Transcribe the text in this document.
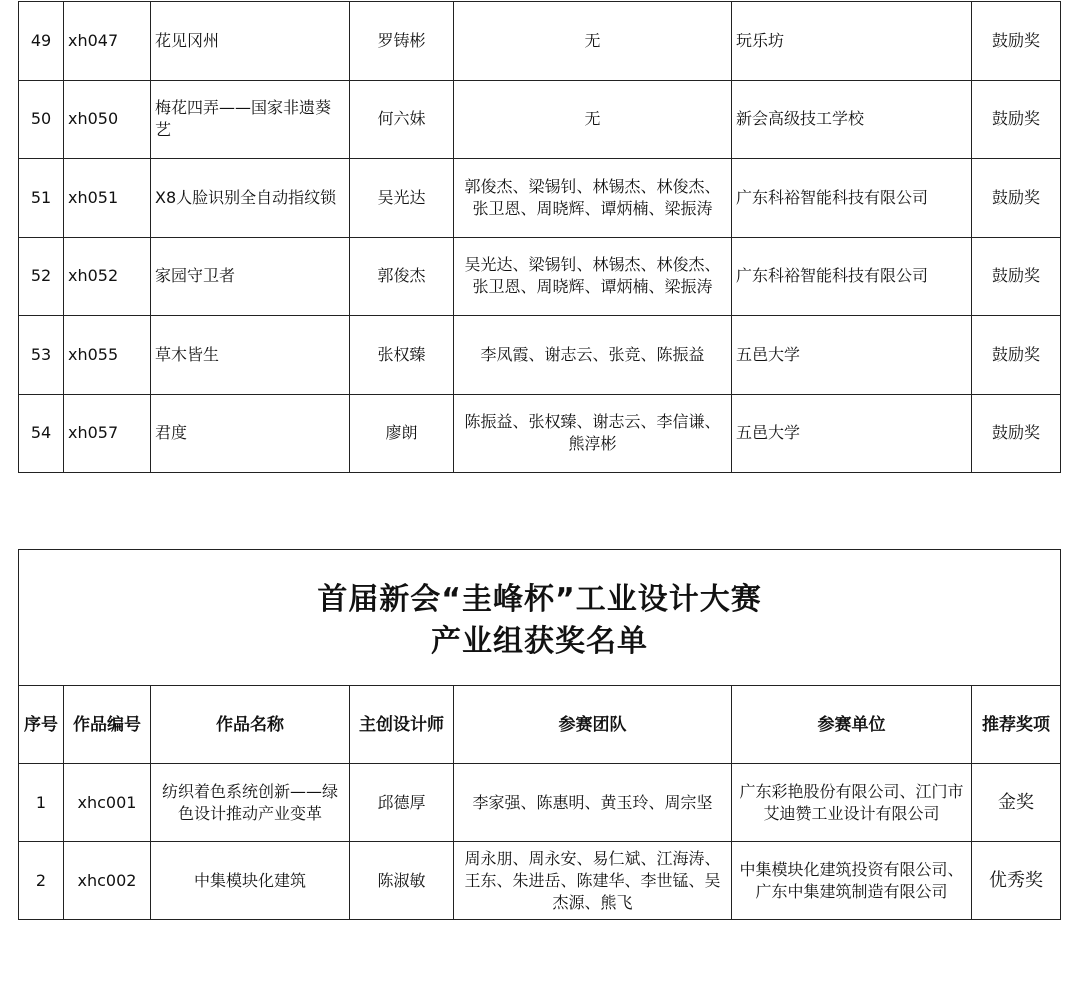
49	xh047	花见冈州	罗铸彬	无	玩乐坊	鼓励奖
50	xh050	梅花四弄——国家非遗葵艺	何六妹	无	新会高级技工学校	鼓励奖
51	xh051	X8人脸识别全自动指纹锁	吴光达	郭俊杰、梁锡钊、林锡杰、林俊杰、张卫恩、周晓辉、谭炳楠、梁振涛	广东科裕智能科技有限公司	鼓励奖
52	xh052	家园守卫者	郭俊杰	吴光达、梁锡钊、林锡杰、林俊杰、张卫恩、周晓辉、谭炳楠、梁振涛	广东科裕智能科技有限公司	鼓励奖
53	xh055	草木皆生	张权臻	李凤霞、谢志云、张竞、陈振益	五邑大学	鼓励奖
54	xh057	君度	廖朗	陈振益、张权臻、谢志云、李信谦、熊淳彬	五邑大学	鼓励奖
首届新会“圭峰杯”工业设计大赛
产业组获奖名单						

序号	作品编号	作品名称	主创设计师	参赛团队	参赛单位	推荐奖项
1	xhc001	纺织着色系统创新——绿色设计推动产业变革	邱德厚	李家强、陈惠明、黄玉玲、周宗坚	广东彩艳股份有限公司、江门市艾迪赞工业设计有限公司	金奖
2	xhc002	中集模块化建筑	陈淑敏	周永朋、周永安、易仁斌、江海涛、王东、朱进岳、陈建华、李世锰、吴杰源、熊飞	中集模块化建筑投资有限公司、广东中集建筑制造有限公司	优秀奖
